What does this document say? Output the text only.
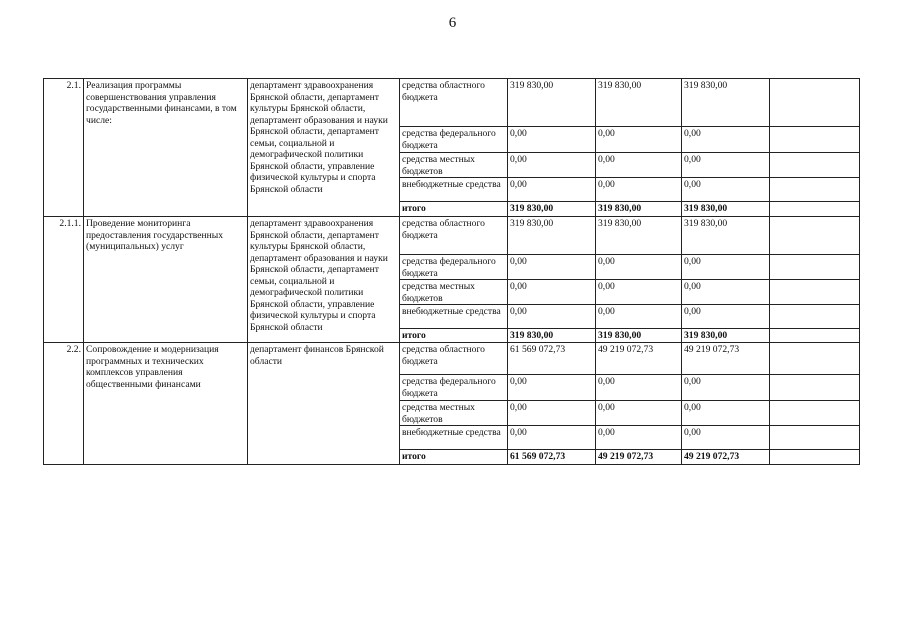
6
2.1.	Реализация программы совершенствования управления государственными финансами, в том числе:	департамент здравоохранения Брянской области, департамент культуры Брянской области, департамент образования и науки Брянской области, департамент семьи, социальной и демографической политики Брянской области, управление физической культуры и спорта Брянской области	средства областного бюджета	319 830,00	319 830,00	319 830,00	
			средства федерального бюджета	0,00	0,00	0,00	
			средства местных бюджетов	0,00	0,00	0,00	
			внебюджетные средства	0,00	0,00	0,00	
			итого	319 830,00	319 830,00	319 830,00	
2.1.1.	Проведение мониторинга предоставления государственных (муниципальных) услуг	департамент здравоохранения Брянской области, департамент культуры Брянской области, департамент образования и науки Брянской области, департамент семьи, социальной и демографической политики Брянской области, управление физической культуры и спорта Брянской области	средства областного бюджета	319 830,00	319 830,00	319 830,00	
			средства федерального бюджета	0,00	0,00	0,00	
			средства местных бюджетов	0,00	0,00	0,00	
			внебюджетные средства	0,00	0,00	0,00	
			итого	319 830,00	319 830,00	319 830,00	
2.2.	Сопровождение и модернизация программных и технических комплексов управления общественными финансами	департамент финансов Брянской области	средства областного бюджета	61 569 072,73	49 219 072,73	49 219 072,73	
			средства федерального бюджета	0,00	0,00	0,00	
			средства местных бюджетов	0,00	0,00	0,00	
			внебюджетные средства	0,00	0,00	0,00	
			итого	61 569 072,73	49 219 072,73	49 219 072,73	
